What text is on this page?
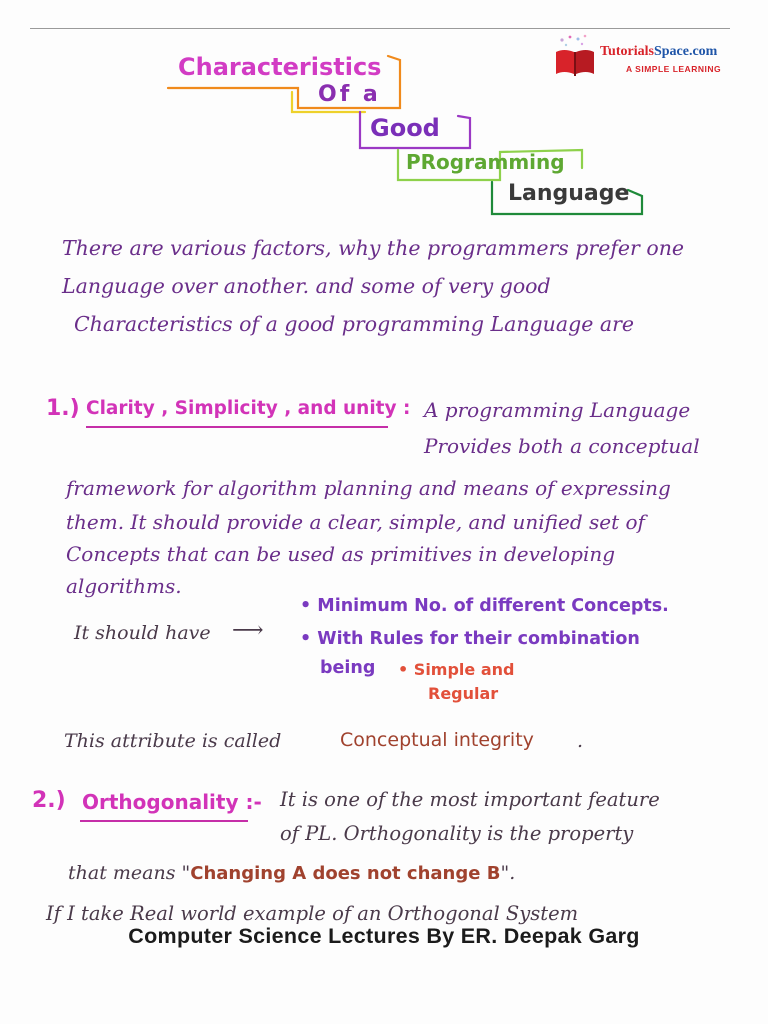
Characteristics
Of a
Good
PRogramming
Language
TutorialsSpace.com
A SIMPLE LEARNING
There are various factors, why the programmers prefer one
Language over another. and some of very good
Characteristics of a good programming Language are
1.) Clarity , Simplicity , and unity : A programming Language
Provides both a conceptual
framework for algorithm planning and means of expressing
them. It should provide a clear, simple, and unified set of
Concepts that can be used as primitives in developing
algorithms.
• Minimum No. of different Concepts.
It should have ⟶ • With Rules for their combination
being • Simple and
Regular
This attribute is called	Conceptual integrity .
2.) Orthogonality :- It is one of the most important feature
of PL. Orthogonality is the property
that means "Changing A does not change B".
If I take Real world example of an Orthogonal System
Computer Science Lectures By ER. Deepak Garg
